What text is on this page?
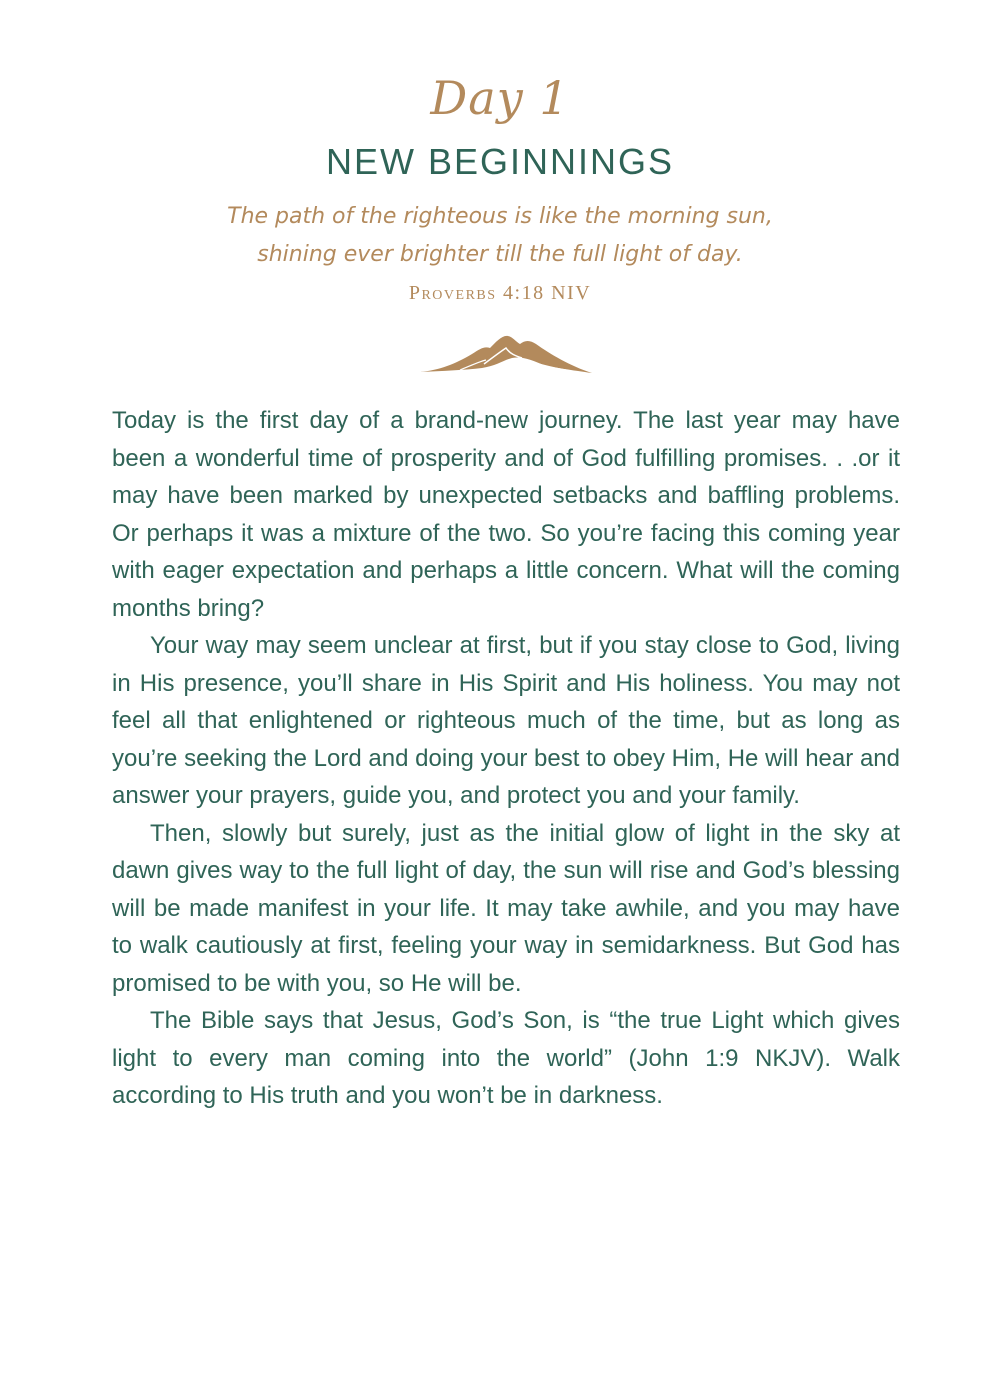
Day 1
NEW BEGINNINGS
The path of the righteous is like the morning sun,
shining ever brighter till the full light of day.
Proverbs 4:18 NIV

Today is the first day of a brand-new journey. The last year may have been a wonderful time of prosperity and of God fulfilling promises. . .or it may have been marked by unexpected setbacks and baffling problems. Or perhaps it was a mixture of the two. So you’re facing this coming year with eager expectation and perhaps a little concern. What will the coming months bring?

Your way may seem unclear at first, but if you stay close to God, living in His presence, you’ll share in His Spirit and His holiness. You may not feel all that enlightened or righteous much of the time, but as long as you’re seeking the Lord and doing your best to obey Him, He will hear and answer your prayers, guide you, and protect you and your family.

Then, slowly but surely, just as the initial glow of light in the sky at dawn gives way to the full light of day, the sun will rise and God’s blessing will be made manifest in your life. It may take awhile, and you may have to walk cautiously at first, feeling your way in semidarkness. But God has promised to be with you, so He will be.

The Bible says that Jesus, God’s Son, is “the true Light which gives light to every man coming into the world” (John 1:9 NKJV). Walk according to His truth and you won’t be in darkness.
